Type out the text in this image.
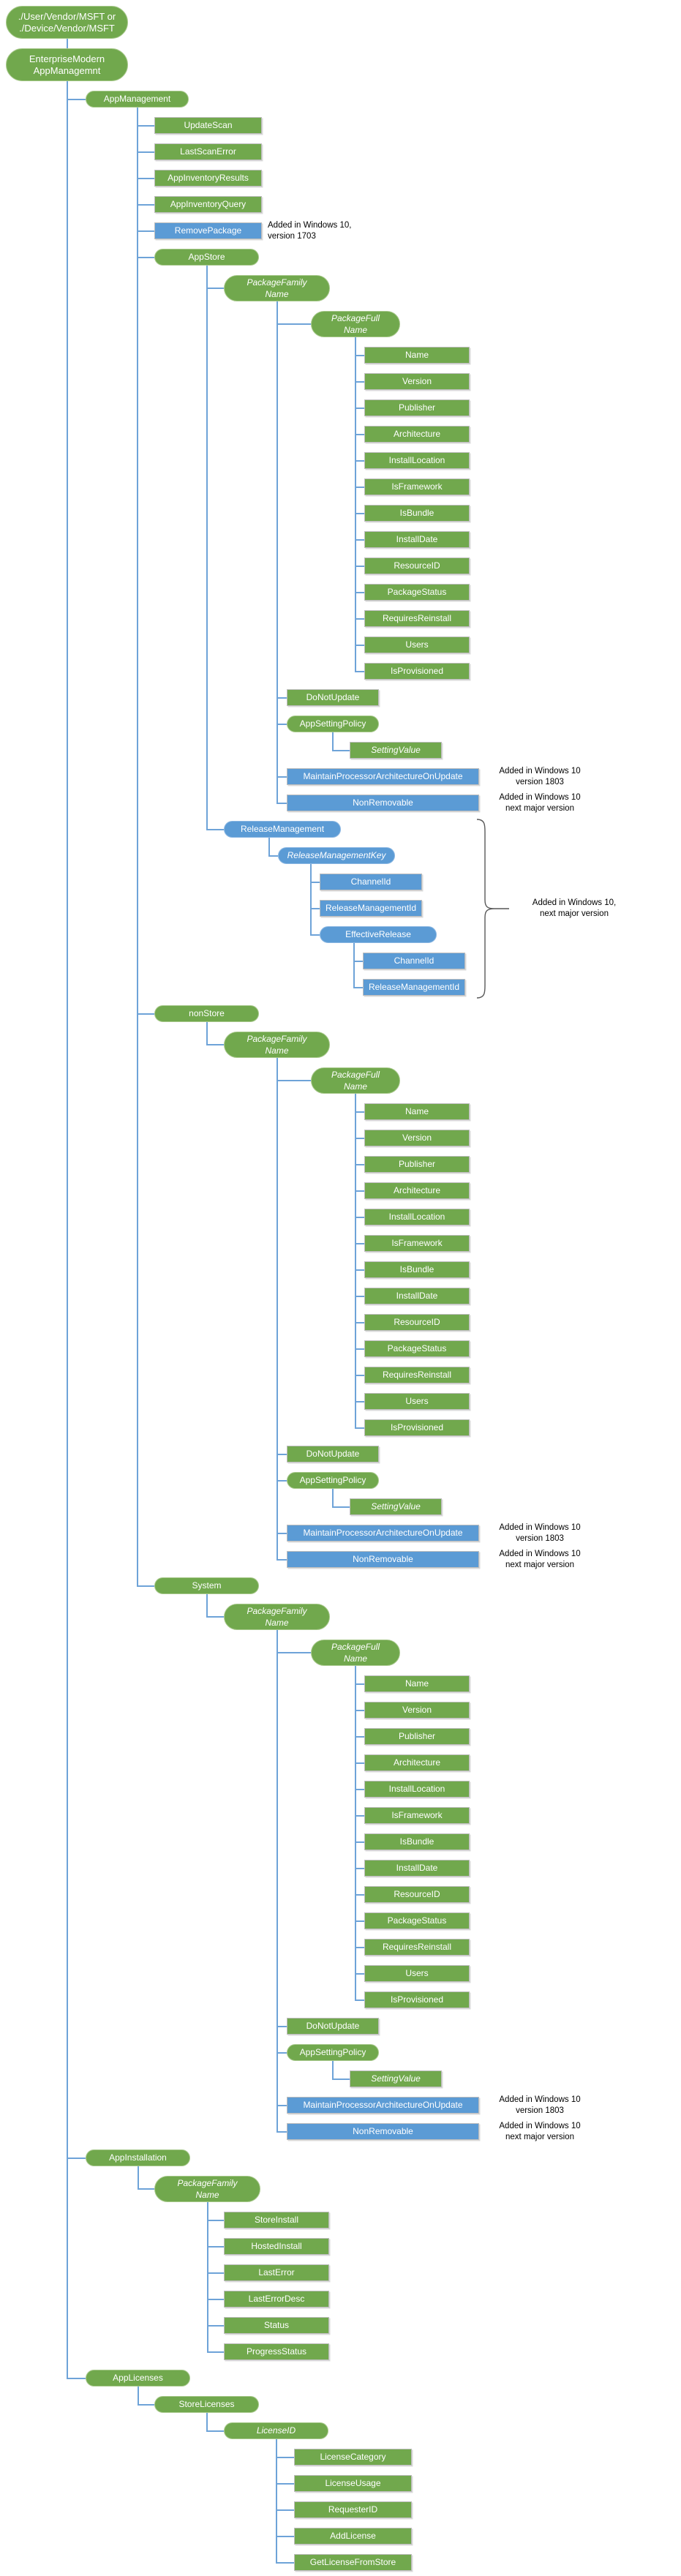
./User/Vendor/MSFT or
./Device/Vendor/MSFT
EnterpriseModern
AppManagemnt
AppManagement
UpdateScan
LastScanError
AppInventoryResults
AppInventoryQuery
RemovePackage
Added in Windows 10,
version 1703
AppStore
PackageFamily
Name
PackageFull
Name
Name
Version
Publisher
Architecture
InstallLocation
IsFramework
IsBundle
InstallDate
ResourceID
PackageStatus
RequiresReinstall
Users
IsProvisioned
DoNotUpdate
AppSettingPolicy
SettingValue
MaintainProcessorArchitectureOnUpdate
Added in Windows 10
version 1803
NonRemovable
Added in Windows 10
next major version
ReleaseManagement
ReleaseManagementKey
ChannelId
ReleaseManagementId
EffectiveRelease
ChannelId
ReleaseManagementId
Added in Windows 10,
next major version
nonStore
PackageFamily
Name
PackageFull
Name
Name
Version
Publisher
Architecture
InstallLocation
IsFramework
IsBundle
InstallDate
ResourceID
PackageStatus
RequiresReinstall
Users
IsProvisioned
DoNotUpdate
AppSettingPolicy
SettingValue
MaintainProcessorArchitectureOnUpdate
Added in Windows 10
version 1803
NonRemovable
Added in Windows 10
next major version
System
PackageFamily
Name
PackageFull
Name
Name
Version
Publisher
Architecture
InstallLocation
IsFramework
IsBundle
InstallDate
ResourceID
PackageStatus
RequiresReinstall
Users
IsProvisioned
DoNotUpdate
AppSettingPolicy
SettingValue
MaintainProcessorArchitectureOnUpdate
Added in Windows 10
version 1803
NonRemovable
Added in Windows 10
next major version
AppInstallation
PackageFamily
Name
StoreInstall
HostedInstall
LastError
LastErrorDesc
Status
ProgressStatus
AppLicenses
StoreLicenses
LicenseID
LicenseCategory
LicenseUsage
RequesterID
AddLicense
GetLicenseFromStore
